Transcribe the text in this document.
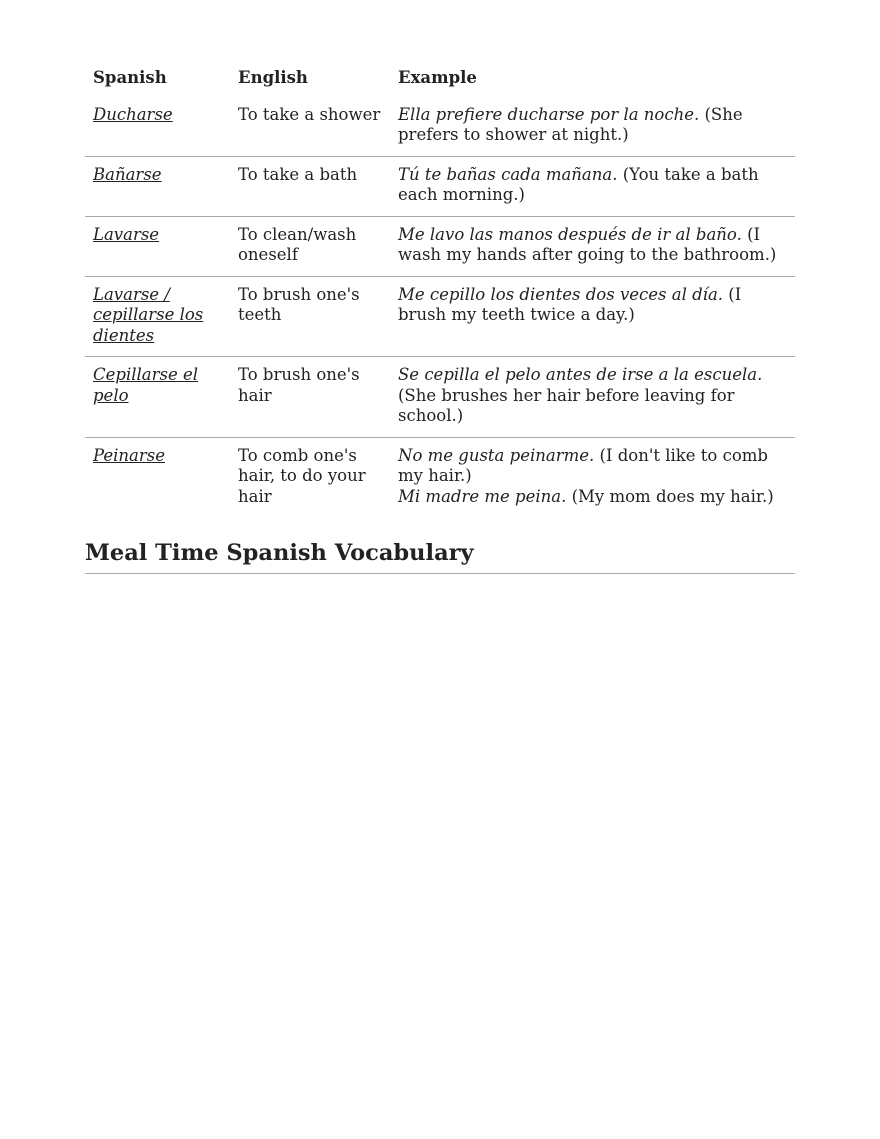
Spanish	English	Example
Ducharse	To take a shower	Ella prefiere ducharse por la noche. (She prefers to shower at night.)

Bañarse	To take a bath	Tú te bañas cada mañana. (You take a bath each morning.)

Lavarse	To clean/wash oneself	Me lavo las manos después de ir al baño. (I wash my hands after going to the bathroom.)

Lavarse / cepillarse los dientes	To brush one's teeth	Me cepillo los dientes dos veces al día. (I brush my teeth twice a day.)

Cepillarse el pelo	To brush one's hair	Se cepilla el pelo antes de irse a la escuela. (She brushes her hair before leaving for school.)

Peinarse	To comb one's hair, to do your hair	No me gusta peinarme. (I don't like to comb my hair.)
Mi madre me peina. (My mom does my hair.)
Meal Time Spanish Vocabulary
